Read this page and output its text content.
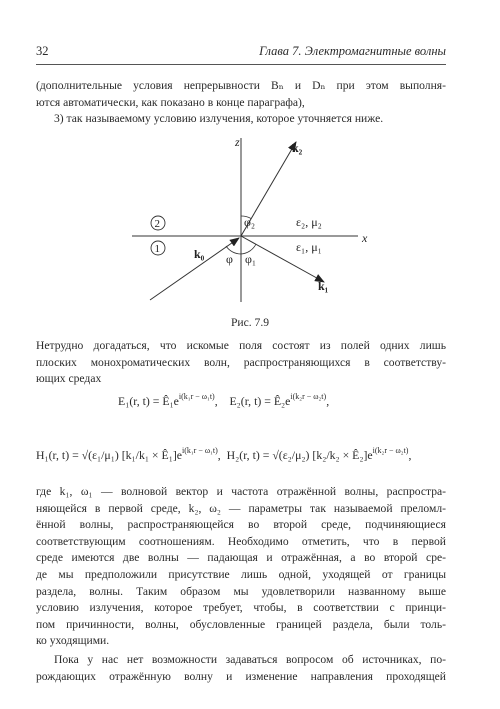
32	Глава 7. Электромагнитные волны
(дополнительные условия непрерывности Bₙ и Dₙ при этом выполня-
ются автоматически, как показано в конце параграфа),
3) так называемому условию излучения, которое уточняется ниже.
z
x
2
1
k₂
k₀
k₁
φ₂
φ φ₁
ε₂, μ₂
ε₁, μ₁
Рис. 7.9
Нетрудно догадаться, что искомые поля состоят из полей одних лишь
плоских монохроматических волн, распространяющихся в соответству-
ющих средах
E₁(r, $t) = Ê_1e^{i(k_1r - \omega_1t)}$,    E₂(r, $t) = Ê_2e^{i(k_2r - \omega_2t)}$,
H₁(r, t) = √(ε₁/μ₁) $[k_1/k_1 \times Ê_1]e^{i(k_1r - \omega_1t)}$,  H₂(r, t) = √(ε₂/μ₂) $[k_2/k_2 \times Ê_2]e^{i(k_2r - \omega_2t)}$,
где k₁, ω₁ — волновой вектор и частота отражённой волны, распростра-
няющейся в первой среде, k₂, ω₂ — параметры так называемой преломл-
ённой волны, распространяющейся во второй среде, подчиняющиеся
соответствующим соотношениям. Необходимо отметить, что в первой
среде имеются две волны — падающая и отражённая, а во второй сре-
де мы предположили присутствие лишь одной, уходящей от границы
раздела, волны. Таким образом мы удовлетворили названному выше
условию излучения, которое требует, чтобы, в соответствии с принци-
пом причинности, волны, обусловленные границей раздела, были толь-
ко уходящими.
Пока у нас нет возможности задаваться вопросом об источниках, по-
рождающих отражённую волну и изменение направления проходящей
